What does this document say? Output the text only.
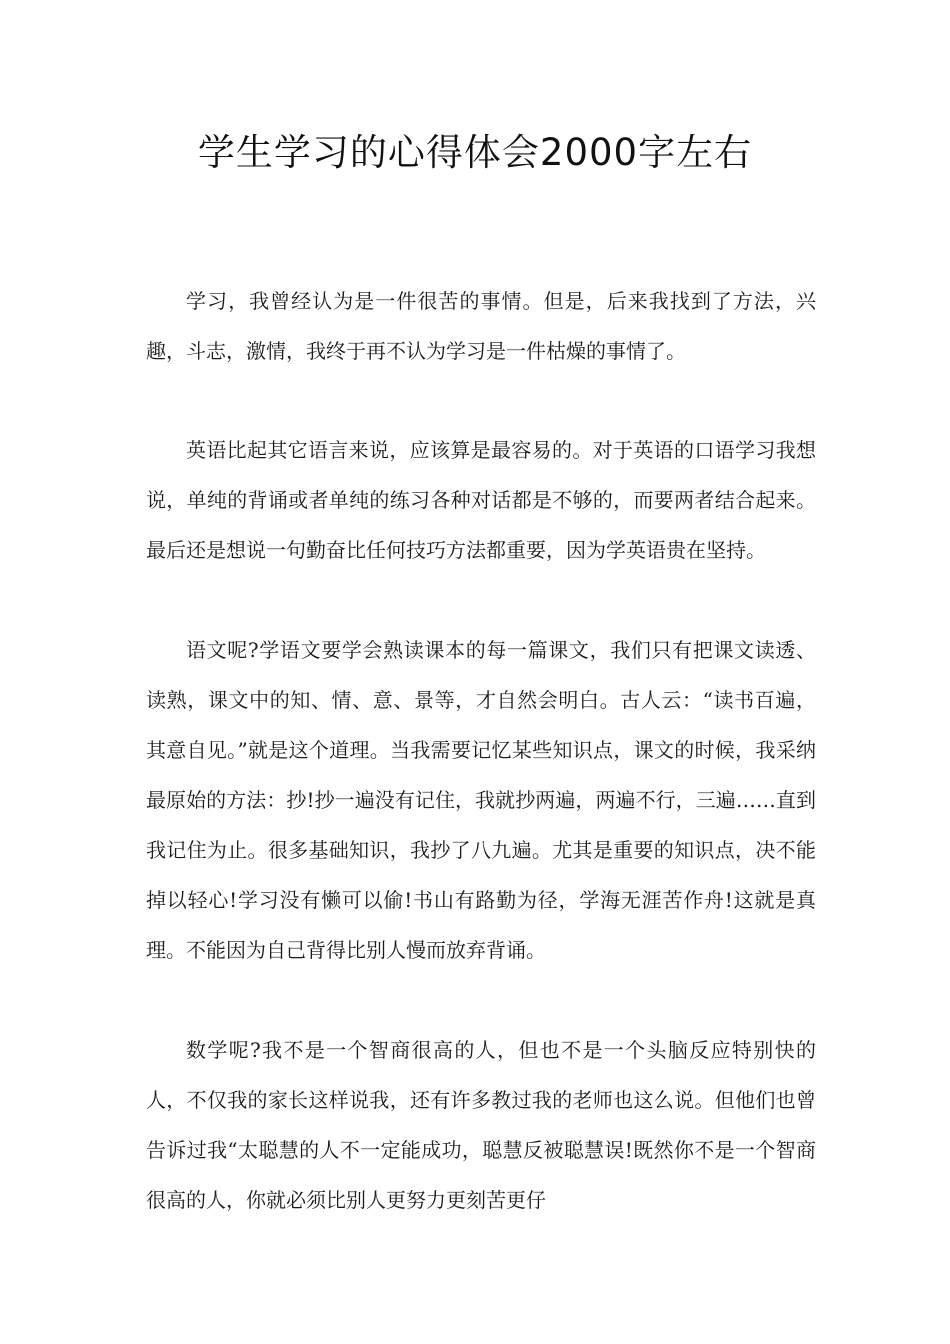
学生学习的心得体会2000字左右

学习，我曾经认为是一件很苦的事情。但是，后来我找到了方法，兴趣，斗志，激情，我终于再不认为学习是一件枯燥的事情了。

英语比起其它语言来说，应该算是最容易的。对于英语的口语学习我想说，单纯的背诵或者单纯的练习各种对话都是不够的，而要两者结合起来。最后还是想说一句勤奋比任何技巧方法都重要，因为学英语贵在坚持。

语文呢?学语文要学会熟读课本的每一篇课文，我们只有把课文读透、读熟，课文中的知、情、意、景等，才自然会明白。古人云：“读书百遍，其意自见。”就是这个道理。当我需要记忆某些知识点，课文的时候，我采纳最原始的方法：抄!抄一遍没有记住，我就抄两遍，两遍不行，三遍……直到我记住为止。很多基础知识，我抄了八九遍。尤其是重要的知识点，决不能掉以轻心!学习没有懒可以偷!书山有路勤为径，学海无涯苦作舟!这就是真理。不能因为自己背得比别人慢而放弃背诵。

数学呢?我不是一个智商很高的人，但也不是一个头脑反应特别快的人，不仅我的家长这样说我，还有许多教过我的老师也这么说。但他们也曾告诉过我“太聪慧的人不一定能成功，聪慧反被聪慧误!既然你不是一个智商很高的人，你就必须比别人更努力更刻苦更仔
